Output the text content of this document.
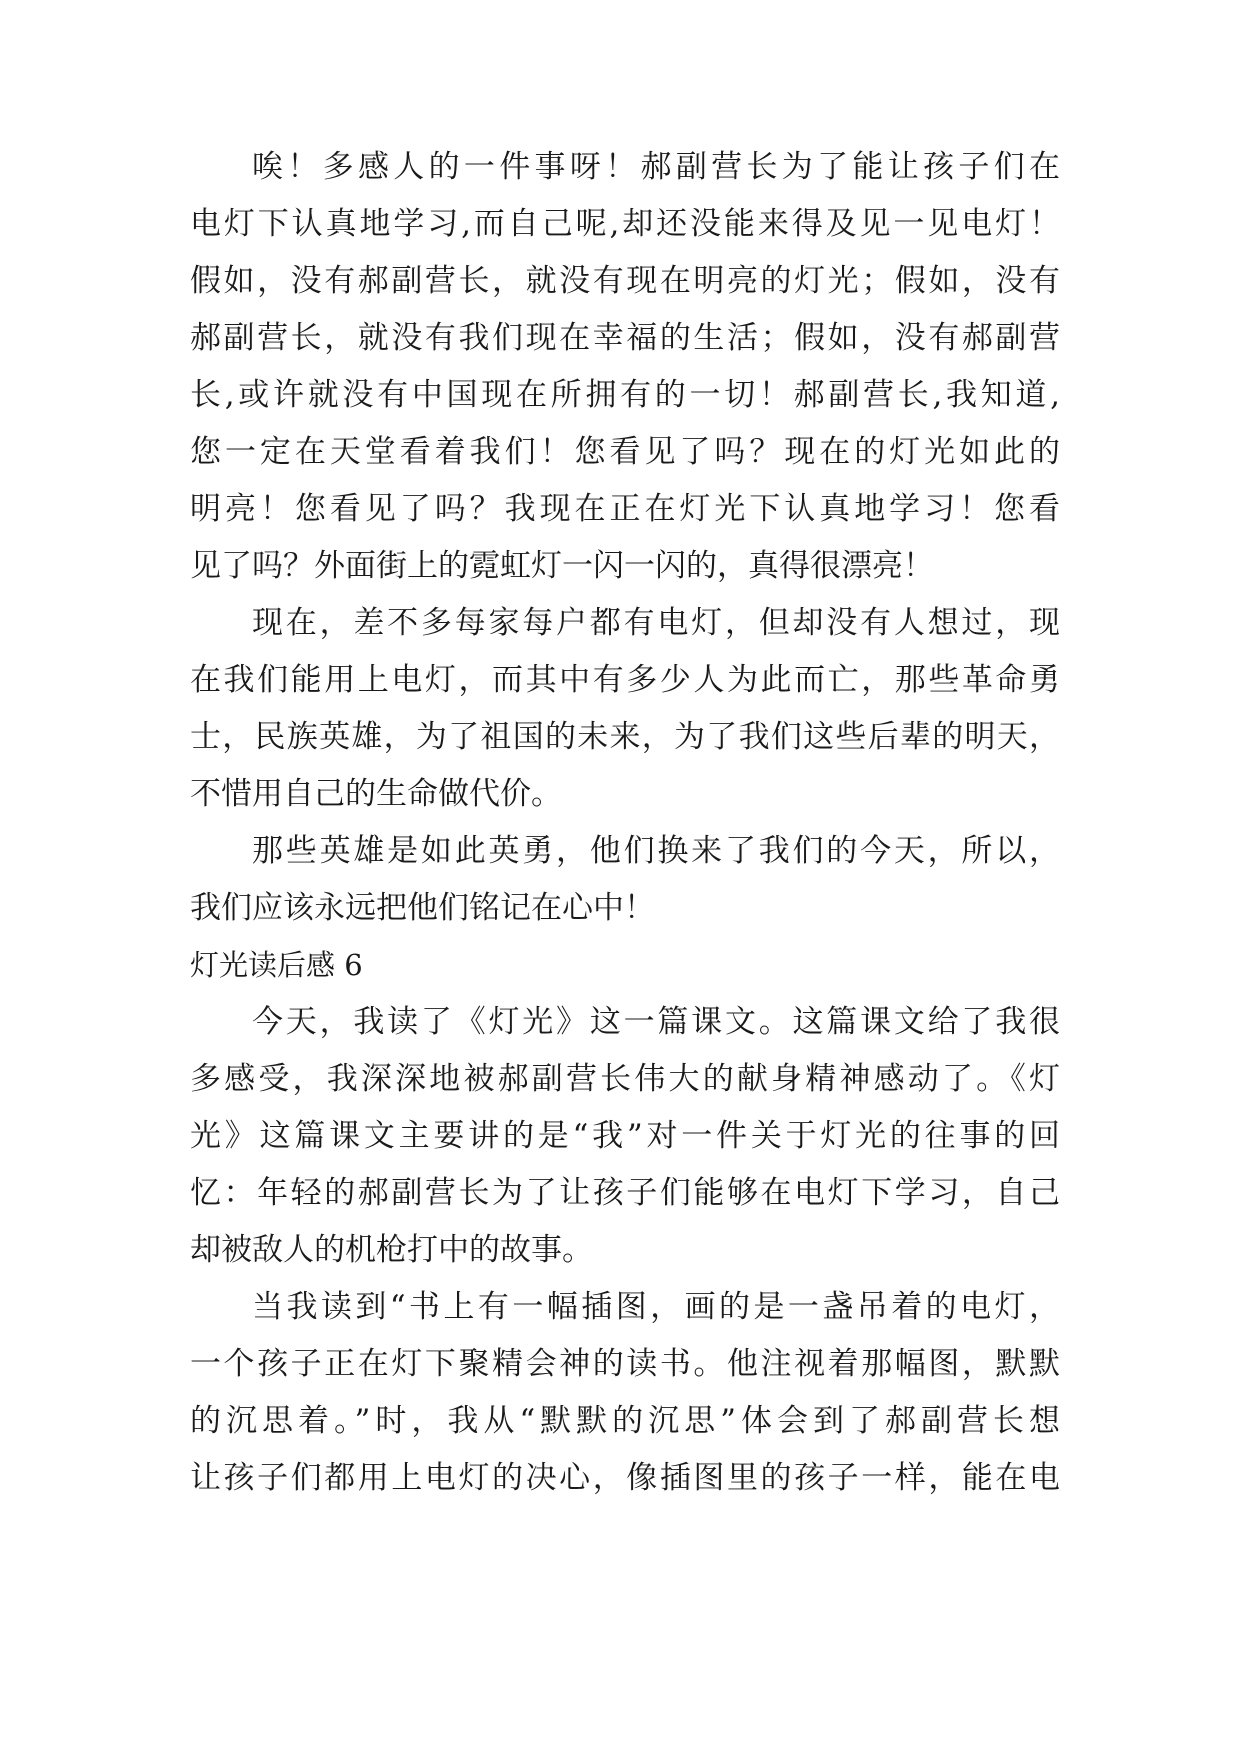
唉！多感人的一件事呀！郝副营长为了能让孩子们在
电灯下认真地学习,而自己呢,却还没能来得及见一见电灯！
假如，没有郝副营长，就没有现在明亮的灯光；假如，没有
郝副营长，就没有我们现在幸福的生活；假如，没有郝副营
长,或许就没有中国现在所拥有的一切！郝副营长,我知道,
您一定在天堂看着我们！您看见了吗？现在的灯光如此的
明亮！您看见了吗？我现在正在灯光下认真地学习！您看
见了吗？外面街上的霓虹灯一闪一闪的，真得很漂亮！
现在，差不多每家每户都有电灯，但却没有人想过，现
在我们能用上电灯，而其中有多少人为此而亡，那些革命勇
士，民族英雄，为了祖国的未来，为了我们这些后辈的明天，
不惜用自己的生命做代价。
那些英雄是如此英勇，他们换来了我们的今天，所以，
我们应该永远把他们铭记在心中！
灯光读后感 6
今天，我读了《灯光》这一篇课文。这篇课文给了我很
多感受，我深深地被郝副营长伟大的献身精神感动了。《灯
光》这篇课文主要讲的是“我”对一件关于灯光的往事的回
忆：年轻的郝副营长为了让孩子们能够在电灯下学习，自己
却被敌人的机枪打中的故事。
当我读到“书上有一幅插图，画的是一盏吊着的电灯，
一个孩子正在灯下聚精会神的读书。他注视着那幅图，默默
的沉思着。”时，我从“默默的沉思”体会到了郝副营长想
让孩子们都用上电灯的决心，像插图里的孩子一样，能在电
